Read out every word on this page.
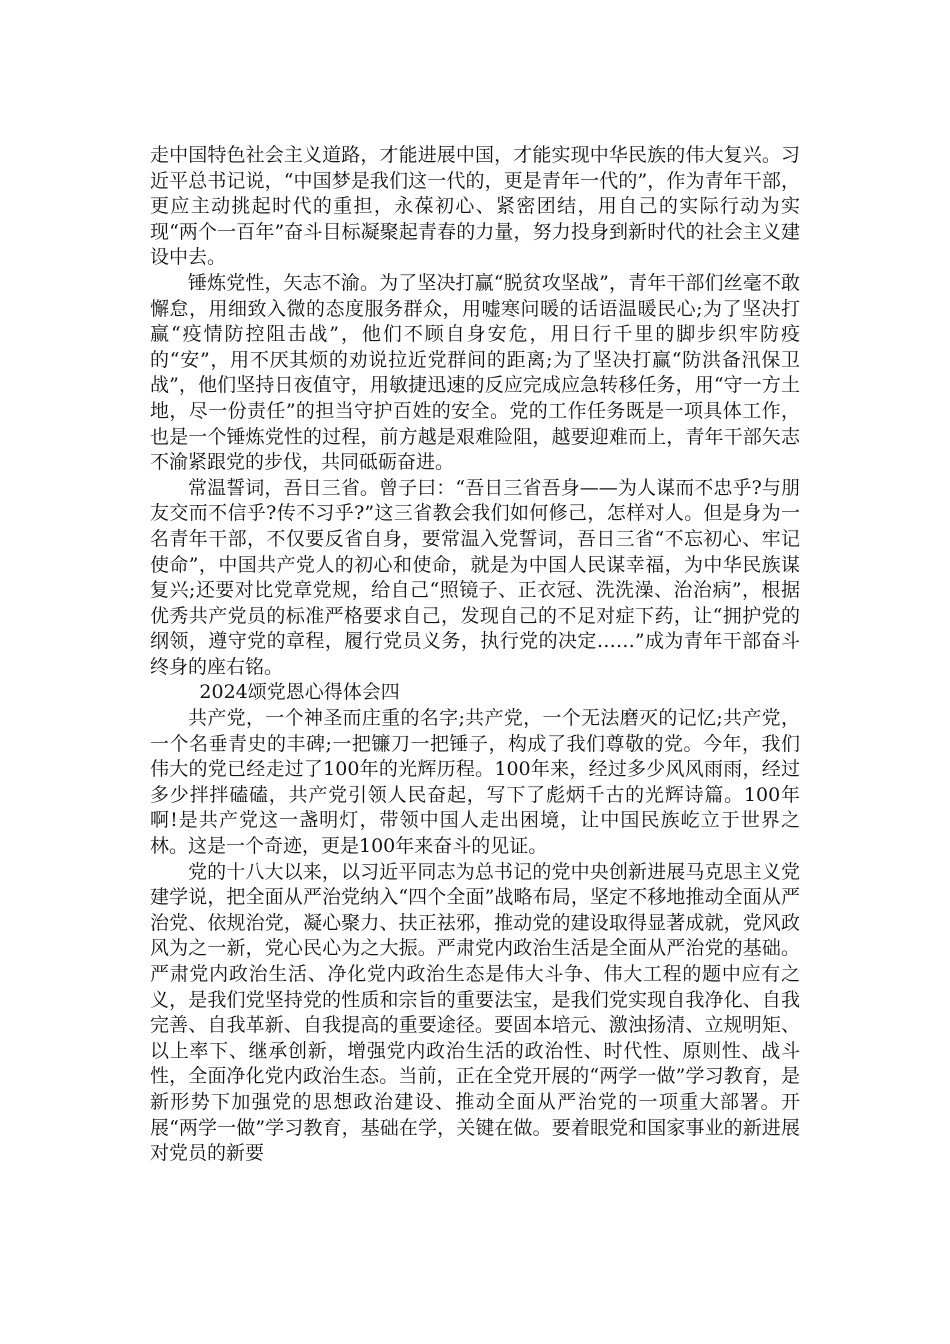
走中国特色社会主义道路，才能进展中国，才能实现中华民族的伟大复兴。习近平总书记说，“中国梦是我们这一代的，更是青年一代的”，作为青年干部，更应主动挑起时代的重担，永葆初心、紧密团结，用自己的实际行动为实现“两个一百年”奋斗目标凝聚起青春的力量，努力投身到新时代的社会主义建设中去。

锤炼党性，矢志不渝。为了坚决打赢“脱贫攻坚战”，青年干部们丝毫不敢懈怠，用细致入微的态度服务群众，用嘘寒问暖的话语温暖民心;为了坚决打赢“疫情防控阻击战”，他们不顾自身安危，用日行千里的脚步织牢防疫的“安”，用不厌其烦的劝说拉近党群间的距离;为了坚决打赢“防洪备汛保卫战”，他们坚持日夜值守，用敏捷迅速的反应完成应急转移任务，用“守一方土地，尽一份责任”的担当守护百姓的安全。党的工作任务既是一项具体工作，也是一个锤炼党性的过程，前方越是艰难险阻，越要迎难而上，青年干部矢志不渝紧跟党的步伐，共同砥砺奋进。

常温誓词，吾日三省。曾子曰：“吾日三省吾身——为人谋而不忠乎?与朋友交而不信乎?传不习乎?”这三省教会我们如何修己，怎样对人。但是身为一名青年干部，不仅要反省自身，要常温入党誓词，吾日三省“不忘初心、牢记使命”，中国共产党人的初心和使命，就是为中国人民谋幸福，为中华民族谋复兴;还要对比党章党规，给自己“照镜子、正衣冠、洗洗澡、治治病”，根据优秀共产党员的标准严格要求自己，发现自己的不足对症下药，让“拥护党的纲领，遵守党的章程，履行党员义务，执行党的决定……”成为青年干部奋斗终身的座右铭。

2024颂党恩心得体会四

共产党，一个神圣而庄重的名字;共产党，一个无法磨灭的记忆;共产党，一个名垂青史的丰碑;一把镰刀一把锤子，构成了我们尊敬的党。今年，我们伟大的党已经走过了100年的光辉历程。100年来，经过多少风风雨雨，经过多少拌拌磕磕，共产党引领人民奋起，写下了彪炳千古的光辉诗篇。100年啊!是共产党这一盏明灯，带领中国人走出困境，让中国民族屹立于世界之林。这是一个奇迹，更是100年来奋斗的见证。

党的十八大以来，以习近平同志为总书记的党中央创新进展马克思主义党建学说，把全面从严治党纳入“四个全面”战略布局，坚定不移地推动全面从严治党、依规治党，凝心聚力、扶正祛邪，推动党的建设取得显著成就，党风政风为之一新，党心民心为之大振。严肃党内政治生活是全面从严治党的基础。严肃党内政治生活、净化党内政治生态是伟大斗争、伟大工程的题中应有之义，是我们党坚持党的性质和宗旨的重要法宝，是我们党实现自我净化、自我完善、自我革新、自我提高的重要途径。要固本培元、激浊扬清、立规明矩、以上率下、继承创新，增强党内政治生活的政治性、时代性、原则性、战斗性，全面净化党内政治生态。当前，正在全党开展的“两学一做”学习教育，是新形势下加强党的思想政治建设、推动全面从严治党的一项重大部署。开展“两学一做”学习教育，基础在学，关键在做。要着眼党和国家事业的新进展对党员的新要
